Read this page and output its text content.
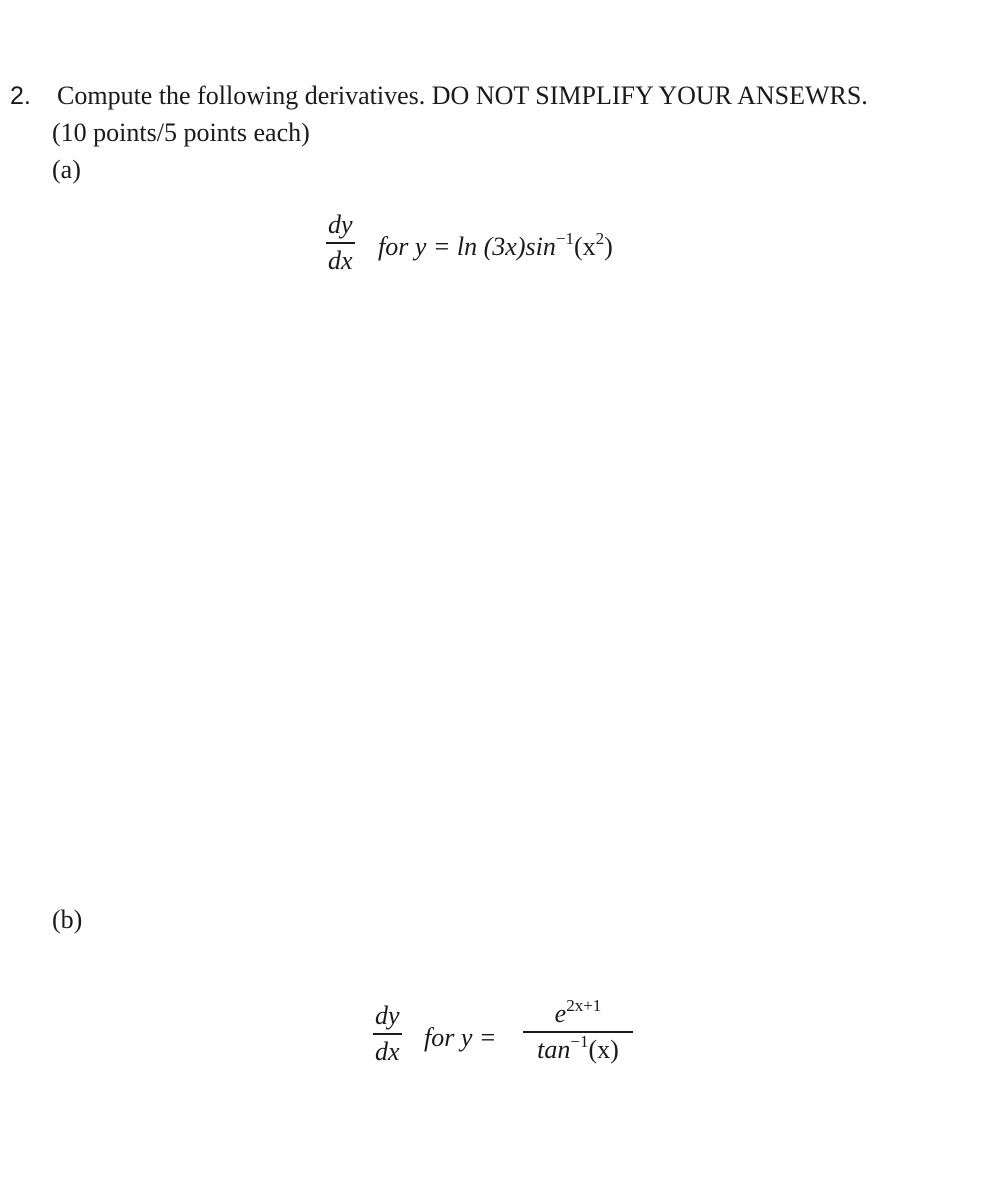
2. Compute the following derivatives. DO NOT SIMPLIFY YOUR ANSEWRS.
(10 points/5 points each)
(a)
dy
dx for $y = \ln (3x)\sin^{-1}(x^2)$
(b)
dy
dx for y =
$e^{2x+1}$
$\tan^{-1}(x)$
